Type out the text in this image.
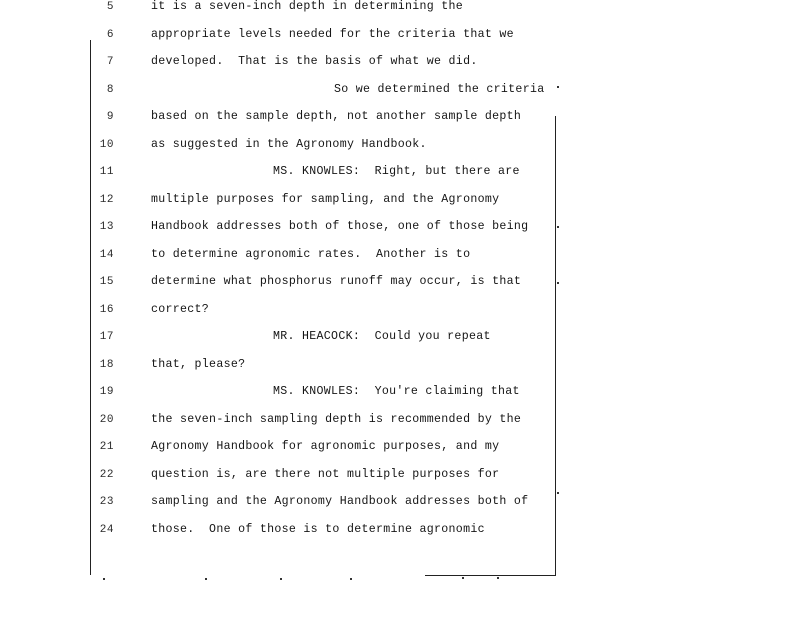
5	it is a seven-inch depth in determining the
6	appropriate levels needed for the criteria that we
7	developed.  That is the basis of what we did.
8	So we determined the criteria
9	based on the sample depth, not another sample depth
10	as suggested in the Agronomy Handbook.
11	MS. KNOWLES:  Right, but there are
12	multiple purposes for sampling, and the Agronomy
13	Handbook addresses both of those, one of those being
14	to determine agronomic rates.  Another is to
15	determine what phosphorus runoff may occur, is that
16	correct?
17	MR. HEACOCK:  Could you repeat
18	that, please?
19	MS. KNOWLES:  You're claiming that
20	the seven-inch sampling depth is recommended by the
21	Agronomy Handbook for agronomic purposes, and my
22	question is, are there not multiple purposes for
23	sampling and the Agronomy Handbook addresses both of
24	those.  One of those is to determine agronomic
